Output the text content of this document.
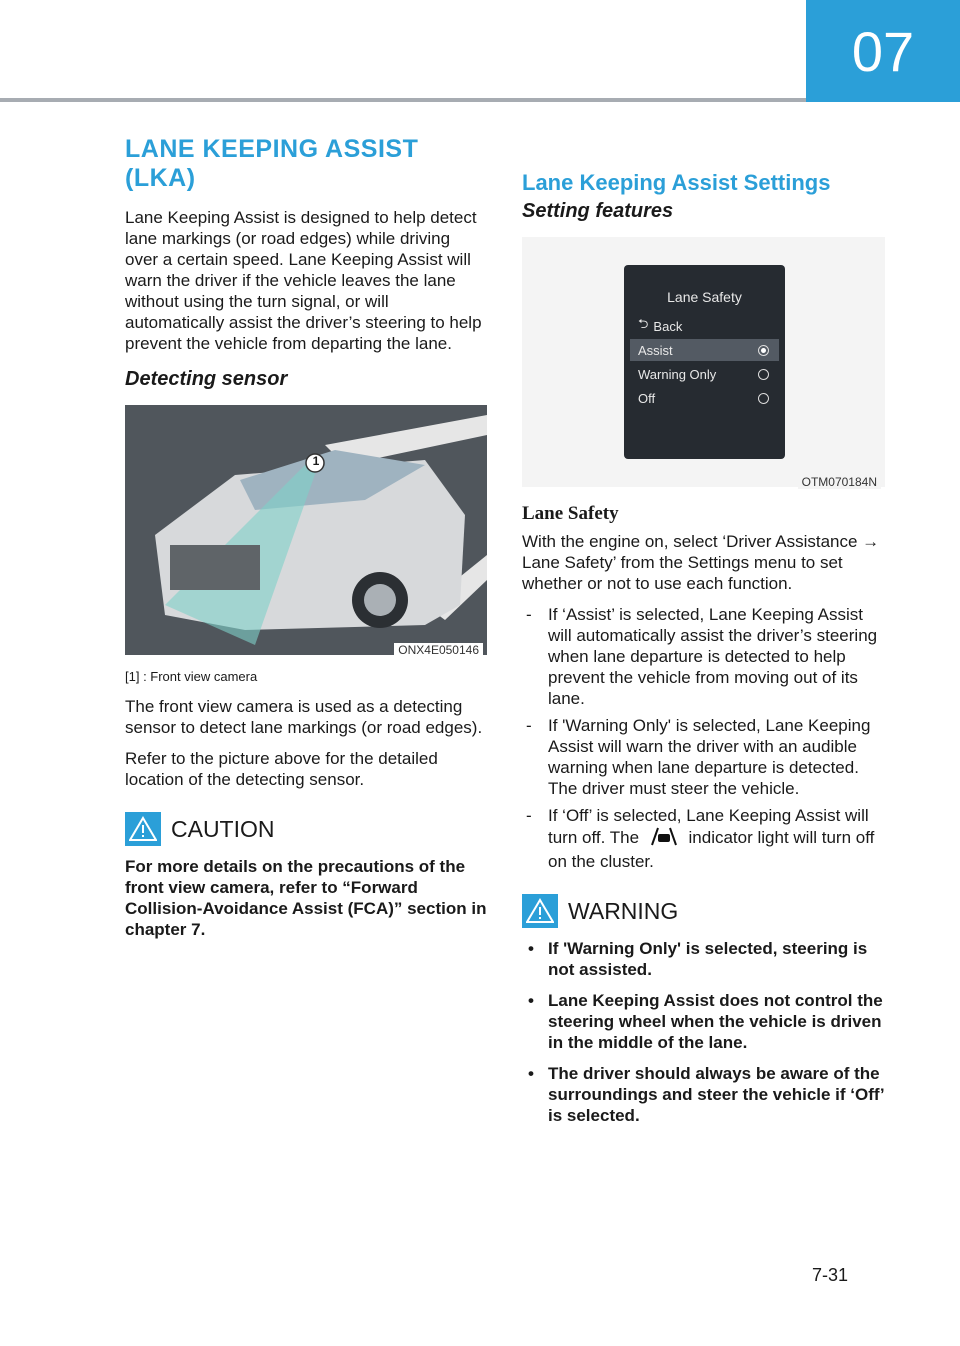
07
LANE KEEPING ASSIST (LKA)

Lane Keeping Assist is designed to help detect lane markings (or road edges) while driving over a certain speed. Lane Keeping Assist will warn the driver if the vehicle leaves the lane without using the turn signal, or will automatically assist the driver’s steering to help prevent the vehicle from departing the lane.

Detecting sensor
1
ONX4E050146
[1] : Front view camera

The front view camera is used as a detecting sensor to detect lane markings (or road edges).

Refer to the picture above for the detailed location of the detecting sensor.

CAUTION
For more details on the precautions of the front view camera, refer to “Forward Collision-Avoidance Assist (FCA)” section in chapter 7.
Lane Keeping Assist Settings
Setting features
Lane Safety
⮌ Back
Assist
Warning Only
Off
OTM070184N
Lane Safety

With the engine on, select ‘Driver Assistance → Lane Safety’ from the Settings menu to set whether or not to use each function.

- If ‘Assist’ is selected, Lane Keeping Assist will automatically assist the driver’s steering when lane departure is detected to help prevent the vehicle from moving out of its lane.
- If 'Warning Only' is selected, Lane Keeping Assist will warn the driver with an audible warning when lane departure is detected. The driver must steer the vehicle.
- If ‘Off’ is selected, Lane Keeping Assist will turn off. The	indicator light will turn off on the cluster.
WARNING
• If 'Warning Only' is selected, steering is not assisted.
• Lane Keeping Assist does not control the steering wheel when the vehicle is driven in the middle of the lane.
• The driver should always be aware of the surroundings and steer the vehicle if ‘Off’ is selected.
7-31
